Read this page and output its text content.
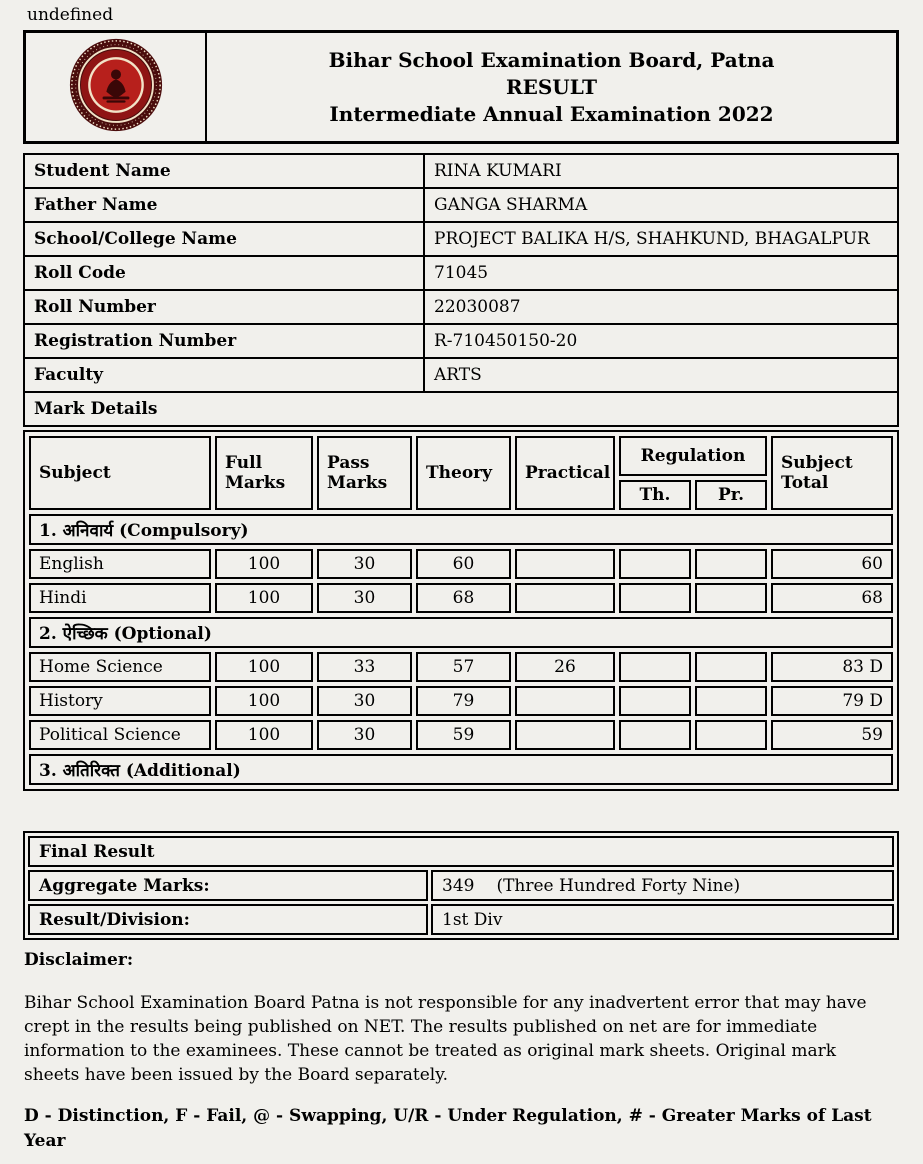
undefined

Bihar School Examination Board, Patna
RESULT
Intermediate Annual Examination 2022
Student Name	RINA KUMARI
Father Name	GANGA SHARMA
School/College Name	PROJECT BALIKA H/S, SHAHKUND, BHAGALPUR
Roll Code	71045
Roll Number	22030087
Registration Number	R-710450150-20
Faculty	ARTS
Mark Details	
Subject	Full Marks	Pass Marks	Theory	Practical	Regulation		Subject Total
					Th.	Pr.	
1. अनिवार्य (Compulsory)							
English	100	30	60				60
Hindi	100	30	68				68
2. ऐच्छिक (Optional)							
Home Science	100	33	57	26			83 D
History	100	30	79				79 D
Political Science	100	30	59				59
3. अतिरिक्त (Additional)							
Final Result	
Aggregate Marks:	349 (Three Hundred Forty Nine)
Result/Division:	1st Div
Disclaimer:
Bihar School Examination Board Patna is not responsible for any inadvertent error that may have crept in the results being published on NET. The results published on net are for immediate information to the examinees. These cannot be treated as original mark sheets. Original mark sheets have been issued by the Board separately.
D - Distinction, F - Fail, @ - Swapping, U/R - Under Regulation, # - Greater Marks of Last Year
